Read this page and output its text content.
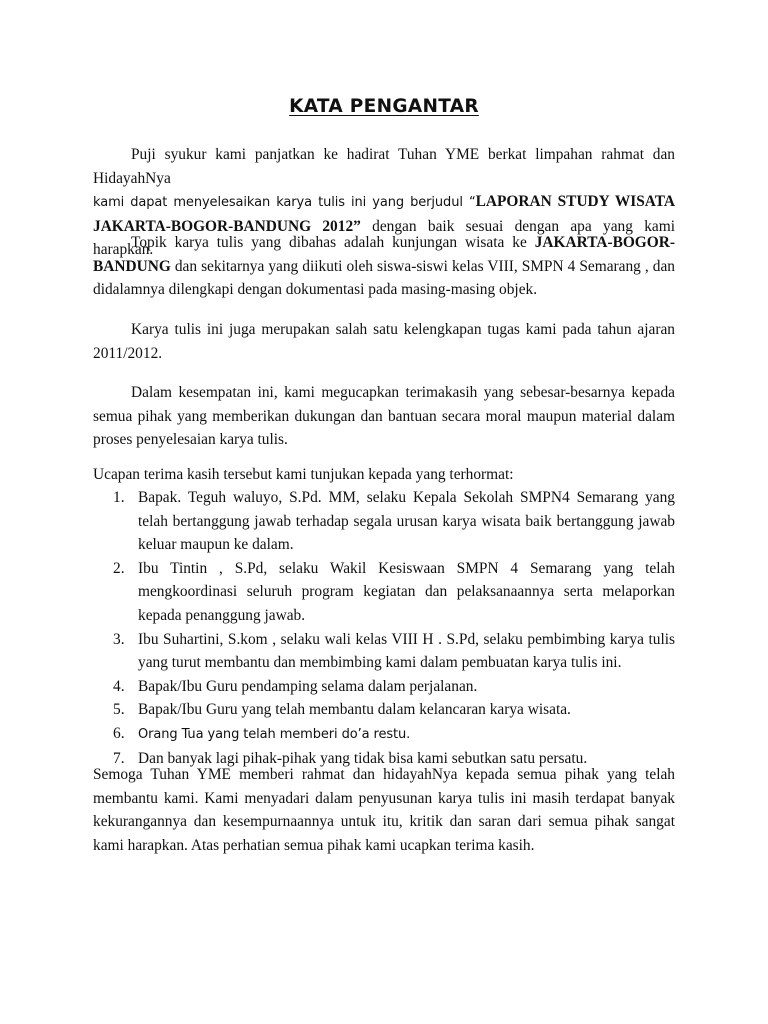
KATA PENGANTAR
Puji syukur kami panjatkan ke hadirat Tuhan YME berkat limpahan rahmat dan HidayahNya
kami dapat menyelesaikan karya tulis ini yang berjudul “LAPORAN STUDY WISATA JAKARTA-BOGOR-BANDUNG 2012” dengan baik sesuai dengan apa yang kami harapkan.
Topik karya tulis yang dibahas adalah kunjungan wisata ke JAKARTA-BOGOR-BANDUNG dan sekitarnya yang diikuti oleh siswa-siswi kelas VIII, SMPN 4 Semarang , dan didalamnya dilengkapi dengan dokumentasi pada masing-masing objek.
Karya tulis ini juga merupakan salah satu kelengkapan tugas kami pada tahun ajaran 2011/2012.
Dalam kesempatan ini, kami megucapkan terimakasih yang sebesar-besarnya kepada semua pihak yang memberikan dukungan dan bantuan secara moral maupun material dalam proses penyelesaian karya tulis.
Ucapan terima kasih tersebut kami tunjukan kepada yang terhormat:
1. Bapak. Teguh waluyo, S.Pd. MM, selaku Kepala Sekolah SMPN4 Semarang yang telah bertanggung jawab terhadap segala urusan karya wisata baik bertanggung jawab keluar maupun ke dalam.
2. Ibu Tintin , S.Pd, selaku Wakil Kesiswaan SMPN 4 Semarang yang telah mengkoordinasi seluruh program kegiatan dan pelaksanaannya serta melaporkan kepada penanggung jawab.
3. Ibu Suhartini, S.kom , selaku wali kelas VIII H . S.Pd, selaku pembimbing karya tulis yang turut membantu dan membimbing kami dalam pembuatan karya tulis ini.
4. Bapak/Ibu Guru pendamping selama dalam perjalanan.
5. Bapak/Ibu Guru yang telah membantu dalam kelancaran karya wisata.
6. Orang Tua yang telah memberi do’a restu.
7. Dan banyak lagi pihak-pihak yang tidak bisa kami sebutkan satu persatu.
Semoga Tuhan YME memberi rahmat dan hidayahNya kepada semua pihak yang telah membantu kami. Kami menyadari dalam penyusunan karya tulis ini masih terdapat banyak kekurangannya dan kesempurnaannya untuk itu, kritik dan saran dari semua pihak sangat kami harapkan. Atas perhatian semua pihak kami ucapkan terima kasih.
